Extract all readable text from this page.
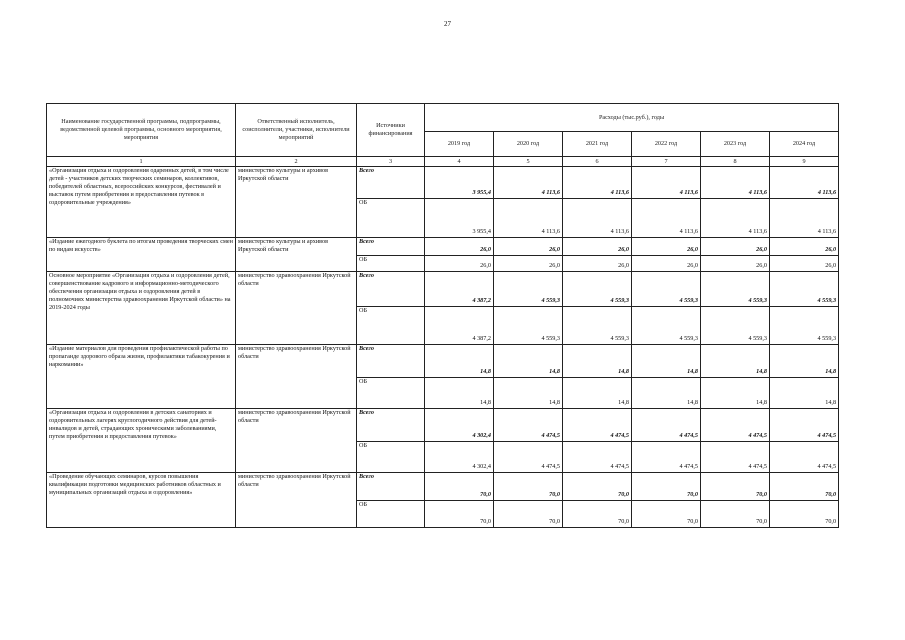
27
Наименование государственной программы, подпрограммы, ведомственной целевой программы, основного мероприятия, мероприятия	Ответственный исполнитель, соисполнители, участники, исполнители мероприятий	Источники финансирования	Расходы (тыс.руб.), годы					
			2019 год	2020 год	2021 год	2022 год	2023 год	2024 год
1	2	3	4	5	6	7	8	9
«Организация отдыха и оздоровления одаренных детей, в том числе детей - участников детских творческих семинаров, коллективов, победителей областных, всероссийских конкурсов, фестивалей и выставок путем приобретения и предоставления путевок в оздоровительные учреждения»	министерство культуры и архивов Иркутской области	Всего	3 955,4	4 113,6	4 113,6	4 113,6	4 113,6	4 113,6
		ОБ	3 955,4	4 113,6	4 113,6	4 113,6	4 113,6	4 113,6
«Издание ежегодного буклета по итогам проведения творческих смен по видам искусств»	министерство культуры и архивов Иркутской области	Всего	26,0	26,0	26,0	26,0	26,0	26,0
		ОБ	26,0	26,0	26,0	26,0	26,0	26,0
Основное мероприятие «Организация отдыха и оздоровления детей, совершенствование кадрового и информационно-методического обеспечения организации отдыха и оздоровления детей в полномочиях министерства здравоохранения Иркутской области» на 2019-2024 годы	министерство здравоохранения Иркутской области	Всего	4 387,2	4 559,3	4 559,3	4 559,3	4 559,3	4 559,3
		ОБ	4 387,2	4 559,3	4 559,3	4 559,3	4 559,3	4 559,3
«Издание материалов для проведения профилактической работы по пропаганде здорового образа жизни, профилактики табакокурения и наркомании»	министерство здравоохранения Иркутской области	Всего	14,8	14,8	14,8	14,8	14,8	14,8
		ОБ	14,8	14,8	14,8	14,8	14,8	14,8
«Организация отдыха и оздоровления в детских санаториях и оздоровительных лагерях круглогодичного действия для детей-инвалидов и детей, страдающих хроническими заболеваниями, путем приобретения и предоставления путевок»	министерство здравоохранения Иркутской области	Всего	4 302,4	4 474,5	4 474,5	4 474,5	4 474,5	4 474,5
		ОБ	4 302,4	4 474,5	4 474,5	4 474,5	4 474,5	4 474,5
«Проведение обучающих семинаров, курсов повышения квалификации подготовки медицинских работников областных и муниципальных организаций отдыха и оздоровления»	министерство здравоохранения Иркутской области	Всего	70,0	70,0	70,0	70,0	70,0	70,0
		ОБ	70,0	70,0	70,0	70,0	70,0	70,0
